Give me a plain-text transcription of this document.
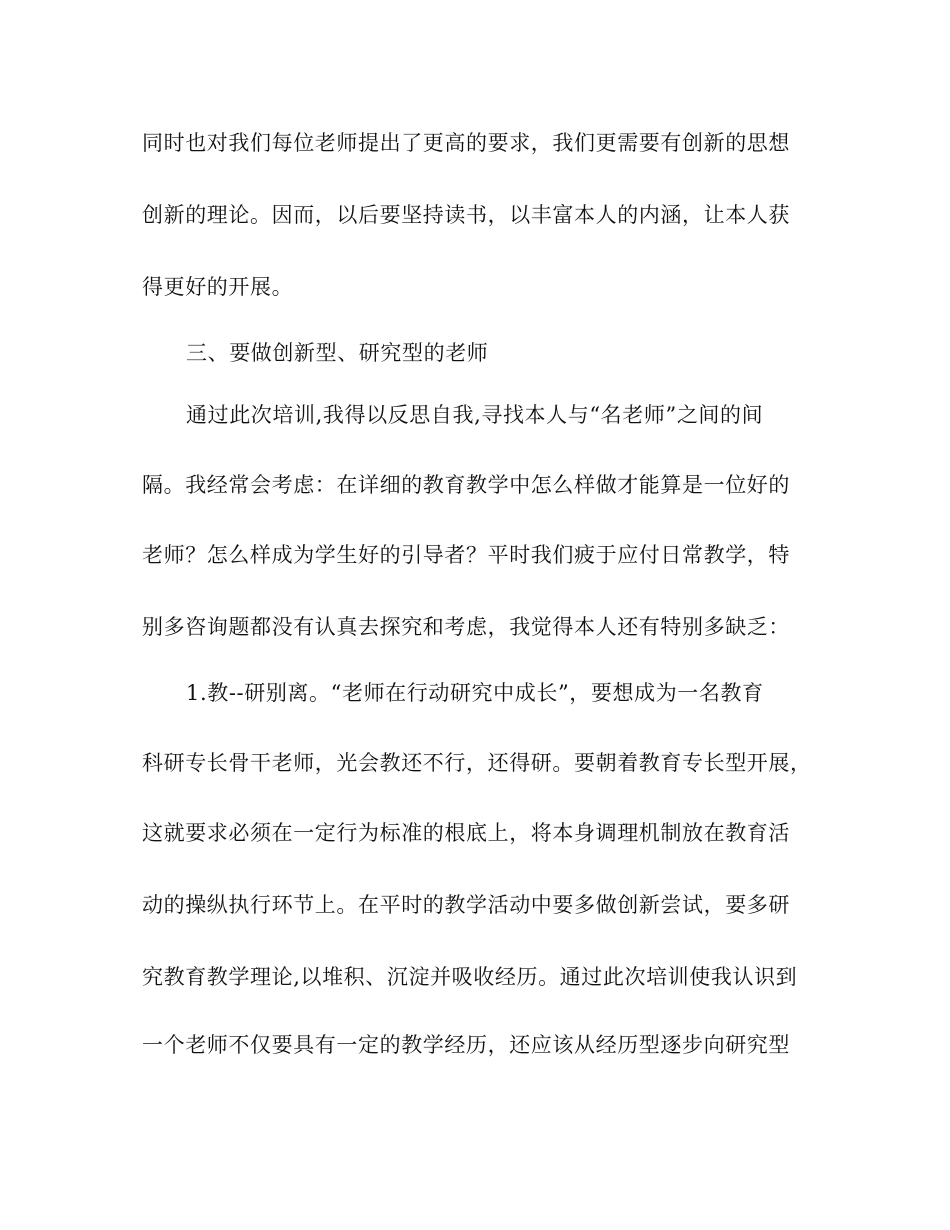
同时也对我们每位老师提出了更高的要求，我们更需要有创新的思想
创新的理论。因而，以后要坚持读书，以丰富本人的内涵，让本人获
得更好的开展。
三、要做创新型、研究型的老师
通过此次培训,我得以反思自我,寻找本人与“名老师”之间的间
隔。我经常会考虑：在详细的教育教学中怎么样做才能算是一位好的
老师？怎么样成为学生好的引导者？平时我们疲于应付日常教学，特
别多咨询题都没有认真去探究和考虑，我觉得本人还有特别多缺乏：
1.教--研别离。“老师在行动研究中成长”，要想成为一名教育
科研专长骨干老师，光会教还不行，还得研。要朝着教育专长型开展，
这就要求必须在一定行为标准的根底上，将本身调理机制放在教育活
动的操纵执行环节上。在平时的教学活动中要多做创新尝试，要多研
究教育教学理论,以堆积、沉淀并吸收经历。通过此次培训使我认识到
一个老师不仅要具有一定的教学经历，还应该从经历型逐步向研究型
